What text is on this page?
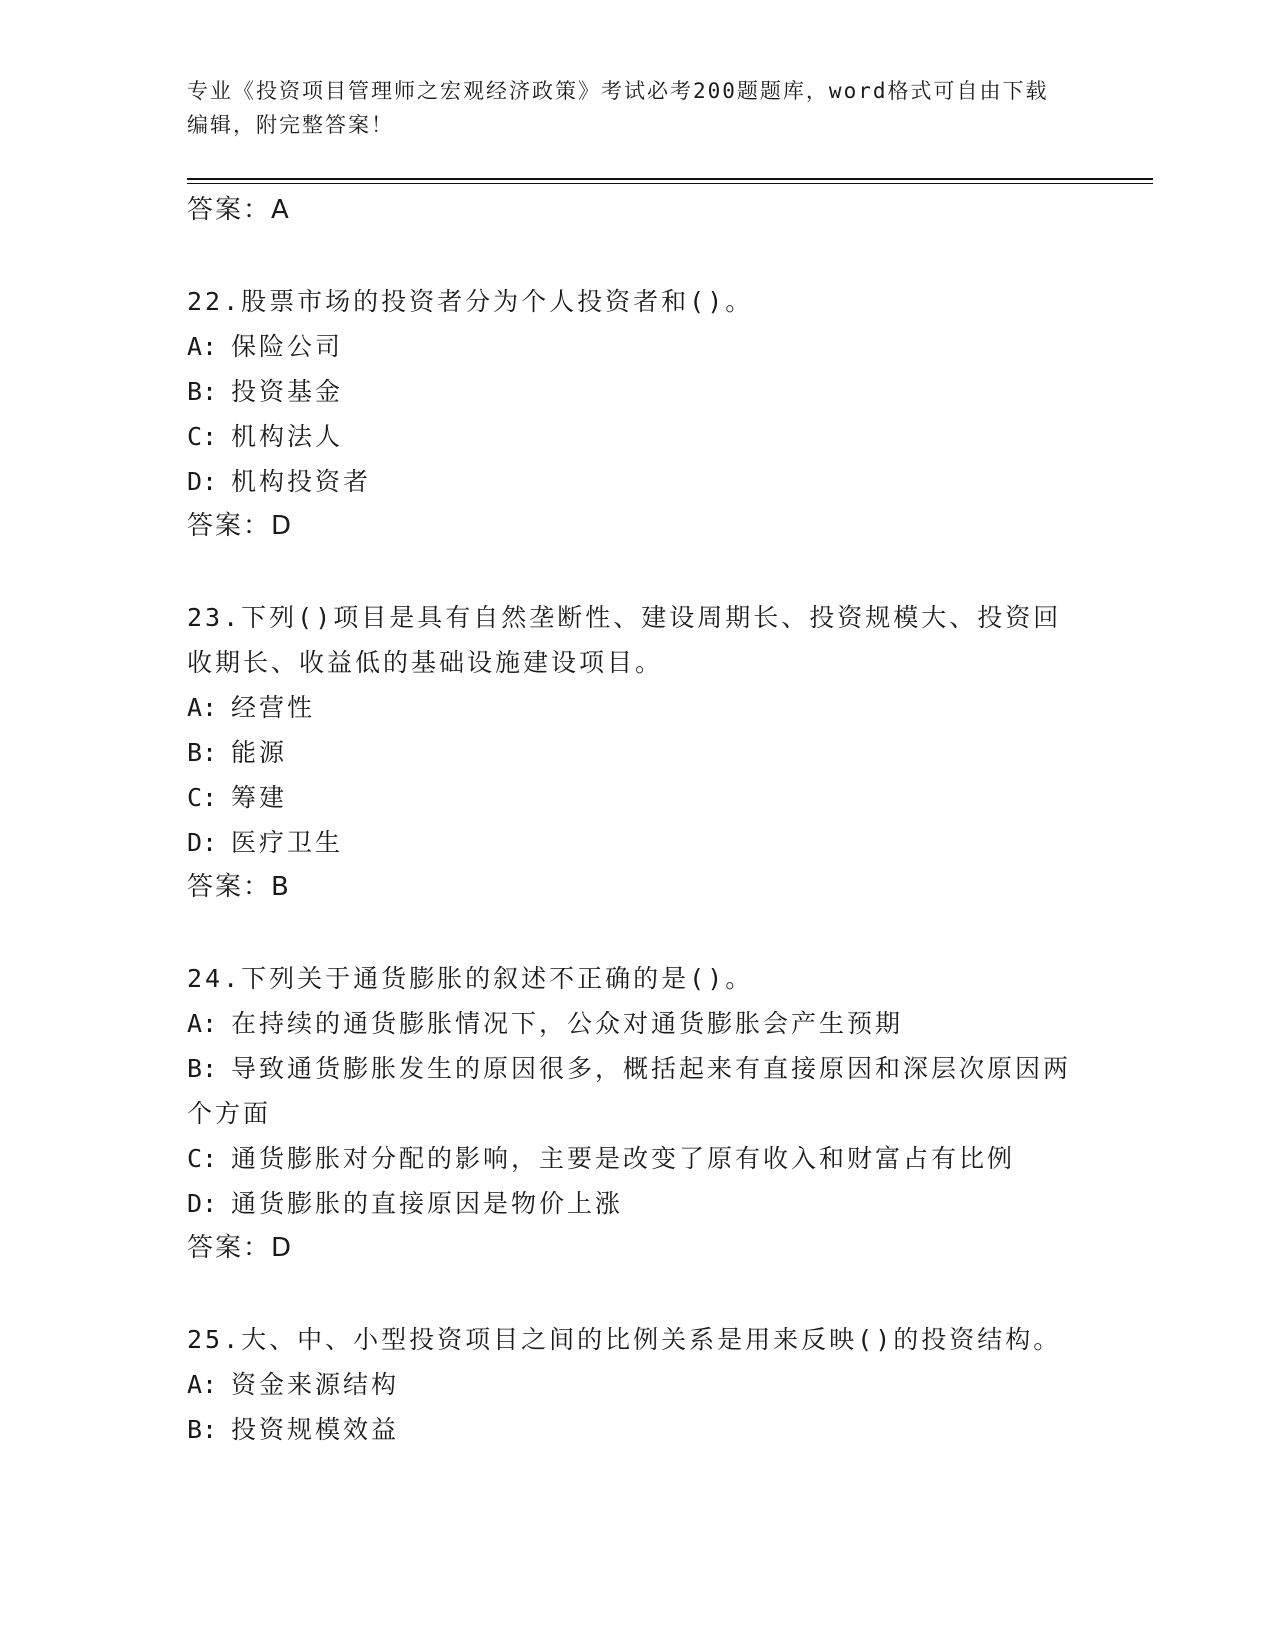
专业《投资项目管理师之宏观经济政策》考试必考200题题库，word格式可自由下载编辑，附完整答案！
答案：A
22.股票市场的投资者分为个人投资者和()。
A: 保险公司
B: 投资基金
C: 机构法人
D: 机构投资者
答案：D
23.下列()项目是具有自然垄断性、建设周期长、投资规模大、投资回收期长、收益低的基础设施建设项目。
A: 经营性
B: 能源
C: 筹建
D: 医疗卫生
答案：B
24.下列关于通货膨胀的叙述不正确的是()。
A: 在持续的通货膨胀情况下，公众对通货膨胀会产生预期
B: 导致通货膨胀发生的原因很多，概括起来有直接原因和深层次原因两个方面
C: 通货膨胀对分配的影响，主要是改变了原有收入和财富占有比例
D: 通货膨胀的直接原因是物价上涨
答案：D
25.大、中、小型投资项目之间的比例关系是用来反映()的投资结构。
A: 资金来源结构
B: 投资规模效益
